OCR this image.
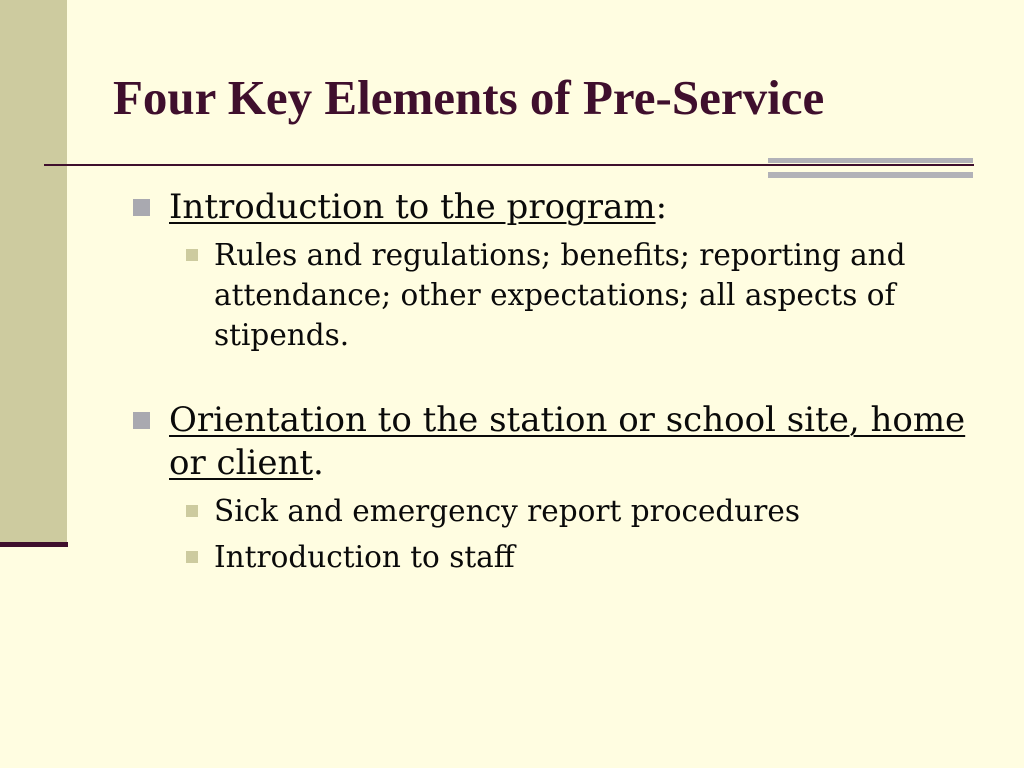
Four Key Elements of Pre-Service
Introduction to the program:
Rules and regulations; benefits; reporting and attendance; other expectations; all aspects of stipends.
Orientation to the station or school site, home or client.
Sick and emergency report procedures
Introduction to staff
